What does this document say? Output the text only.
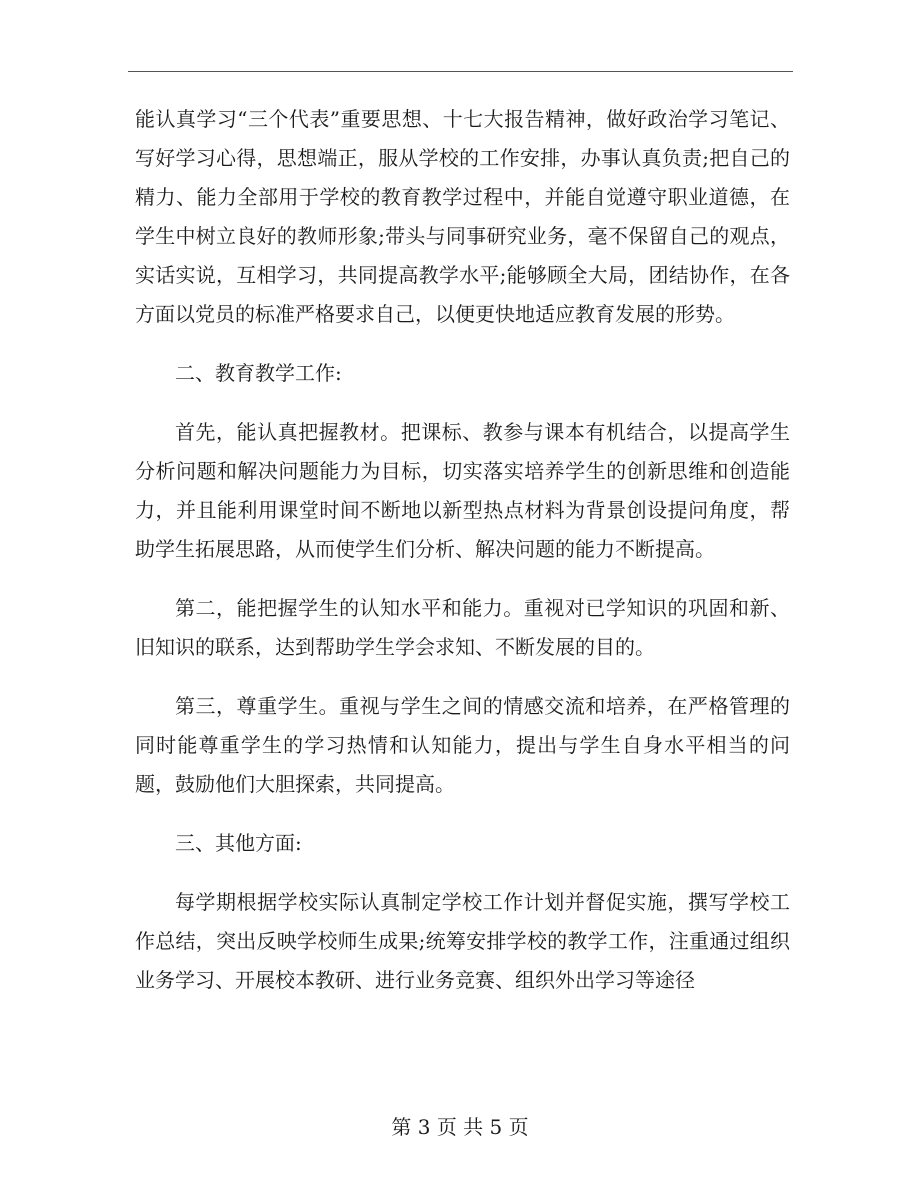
能认真学习“三个代表”重要思想、十七大报告精神，做好政治学习笔记、写好学习心得，思想端正，服从学校的工作安排，办事认真负责;把自己的精力、能力全部用于学校的教育教学过程中，并能自觉遵守职业道德，在学生中树立良好的教师形象;带头与同事研究业务，毫不保留自己的观点，实话实说，互相学习，共同提高教学水平;能够顾全大局，团结协作，在各方面以党员的标准严格要求自己，以便更快地适应教育发展的形势。

二、教育教学工作:

首先，能认真把握教材。把课标、教参与课本有机结合，以提高学生分析问题和解决问题能力为目标，切实落实培养学生的创新思维和创造能力，并且能利用课堂时间不断地以新型热点材料为背景创设提问角度，帮助学生拓展思路，从而使学生们分析、解决问题的能力不断提高。

第二，能把握学生的认知水平和能力。重视对已学知识的巩固和新、旧知识的联系，达到帮助学生学会求知、不断发展的目的。

第三，尊重学生。重视与学生之间的情感交流和培养，在严格管理的同时能尊重学生的学习热情和认知能力，提出与学生自身水平相当的问题，鼓励他们大胆探索，共同提高。

三、其他方面:

每学期根据学校实际认真制定学校工作计划并督促实施，撰写学校工作总结，突出反映学校师生成果;统筹安排学校的教学工作，注重通过组织业务学习、开展校本教研、进行业务竞赛、组织外出学习等途径

第 3 页 共 5 页
